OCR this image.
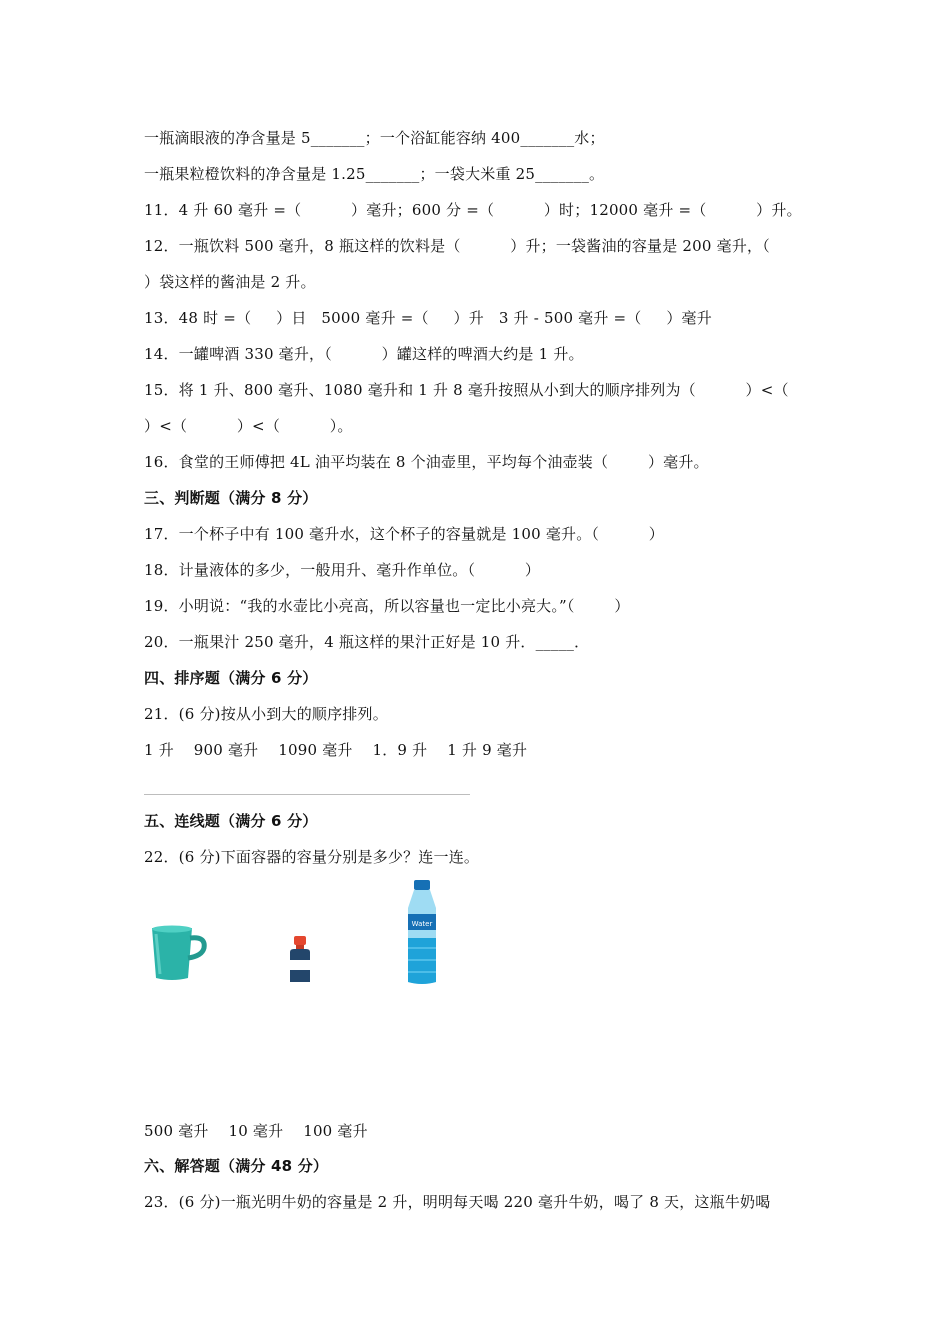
一瓶滴眼液的净含量是 5_______；一个浴缸能容纳 400_______水；
一瓶果粒橙饮料的净含量是 1.25_______；一袋大米重 25_______。
11．4 升 60 毫升 =（          ）毫升；600 分 =（          ）时；12000 毫升 =（          ）升。
12．一瓶饮料 500 毫升，8 瓶这样的饮料是（          ）升；一袋酱油的容量是 200 毫升，（
）袋这样的酱油是 2 升。
13．48 时 =（     ）日   5000 毫升 =（     ）升   3 升 - 500 毫升 =（     ）毫升
14．一罐啤酒 330 毫升，（          ）罐这样的啤酒大约是 1 升。
15．将 1 升、800 毫升、1080 毫升和 1 升 8 毫升按照从小到大的顺序排列为（          ）<（
）<（          ）<（          ）。
16．食堂的王师傅把 4L 油平均装在 8 个油壶里，平均每个油壶装（        ）毫升。
三、判断题（满分 8 分）
17．一个杯子中有 100 毫升水，这个杯子的容量就是 100 毫升。（          ）
18．计量液体的多少，一般用升、毫升作单位。（          ）
19．小明说：“我的水壶比小亮高，所以容量也一定比小亮大。”（        ）
20．一瓶果汁 250 毫升，4 瓶这样的果汁正好是 10 升．_____．
四、排序题（满分 6 分）
21．(6 分)按从小到大的顺序排列。
1 升    900 毫升    1090 毫升    1．9 升    1 升 9 毫升
五、连线题（满分 6 分）
22．(6 分)下面容器的容量分别是多少？连一连。
Water
500 毫升    10 毫升    100 毫升
六、解答题（满分 48 分）
23．(6 分)一瓶光明牛奶的容量是 2 升，明明每天喝 220 毫升牛奶，喝了 8 天，这瓶牛奶喝
